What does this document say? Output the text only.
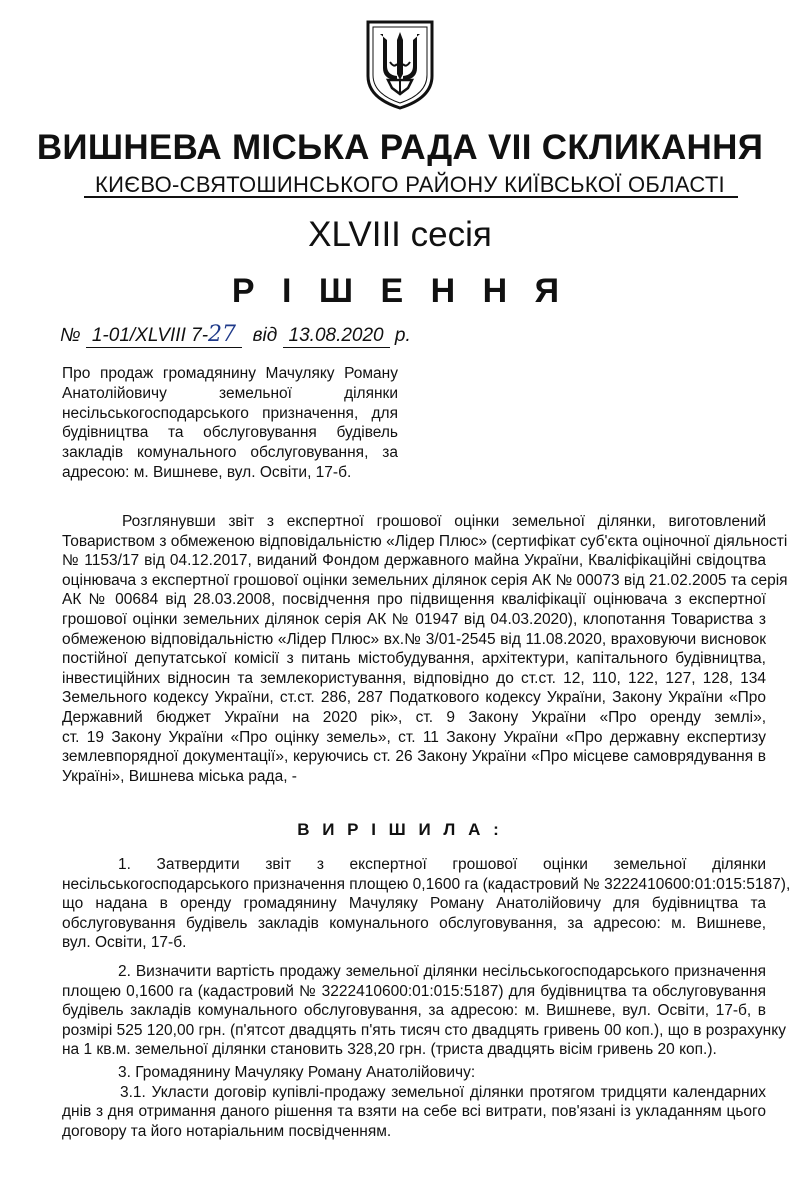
ВИШНЕВА МІСЬКА РАДА VII СКЛИКАННЯ
КИЄВО-СВЯТОШИНСЬКОГО РАЙОНУ КИЇВСЬКОЇ ОБЛАСТІ
XLVIII сесія
Р І Ш Е Н Н Я
№ 1-01/XLVIII 7-27 від 13.08.2020 р.
Про продаж громадянину Мачуляку Роману
Анатолійовичу земельної ділянки
несільськогосподарського призначення, для
будівництва та обслуговування будівель
закладів комунального обслуговування, за
адресою: м. Вишневе, вул. Освіти, 17-б.
Розглянувши звіт з експертної грошової оцінки земельної ділянки, виготовлений
Товариством з обмеженою відповідальністю «Лідер Плюс» (сертифікат суб'єкта оціночної діяльності
№ 1153/17 від 04.12.2017, виданий Фондом державного майна України, Кваліфікаційні свідоцтва
оцінювача з експертної грошової оцінки земельних ділянок серія АК № 00073 від 21.02.2005 та серія
АК № 00684 від 28.03.2008, посвідчення про підвищення кваліфікації оцінювача з експертної
грошової оцінки земельних ділянок серія АК № 01947 від 04.03.2020), клопотання Товариства з
обмеженою відповідальністю «Лідер Плюс» вх.№ 3/01-2545 від 11.08.2020, враховуючи висновок
постійної депутатської комісії з питань містобудування, архітектури, капітального будівництва,
інвестиційних відносин та землекористування, відповідно до ст.ст. 12, 110, 122, 127, 128, 134
Земельного кодексу України, ст.ст. 286, 287 Податкового кодексу України, Закону України «Про
Державний бюджет України на 2020 рік», ст. 9 Закону України «Про оренду землі»,
ст. 19 Закону України «Про оцінку земель», ст. 11 Закону України «Про державну експертизу
землевпорядної документації», керуючись ст. 26 Закону України «Про місцеве самоврядування в
Україні», Вишнева міська рада, -
В И Р І Ш И Л А :
1. Затвердити звіт з експертної грошової оцінки земельної ділянки
несільськогосподарського призначення площею 0,1600 га (кадастровий № 3222410600:01:015:5187),
що надана в оренду громадянину Мачуляку Роману Анатолійовичу для будівництва та
обслуговування будівель закладів комунального обслуговування, за адресою: м. Вишневе,
вул. Освіти, 17-б.
2. Визначити вартість продажу земельної ділянки несільськогосподарського призначення
площею 0,1600 га (кадастровий № 3222410600:01:015:5187) для будівництва та обслуговування
будівель закладів комунального обслуговування, за адресою: м. Вишневе, вул. Освіти, 17-б, в
розмірі 525 120,00 грн. (п'ятсот двадцять п'ять тисяч сто двадцять гривень 00 коп.), що в розрахунку
на 1 кв.м. земельної ділянки становить 328,20 грн. (триста двадцять вісім гривень 20 коп.).
3. Громадянину Мачуляку Роману Анатолійовичу:
3.1. Укласти договір купівлі-продажу земельної ділянки протягом тридцяти календарних
днів з дня отримання даного рішення та взяти на себе всі витрати, пов'язані із укладанням цього
договору та його нотаріальним посвідченням.
